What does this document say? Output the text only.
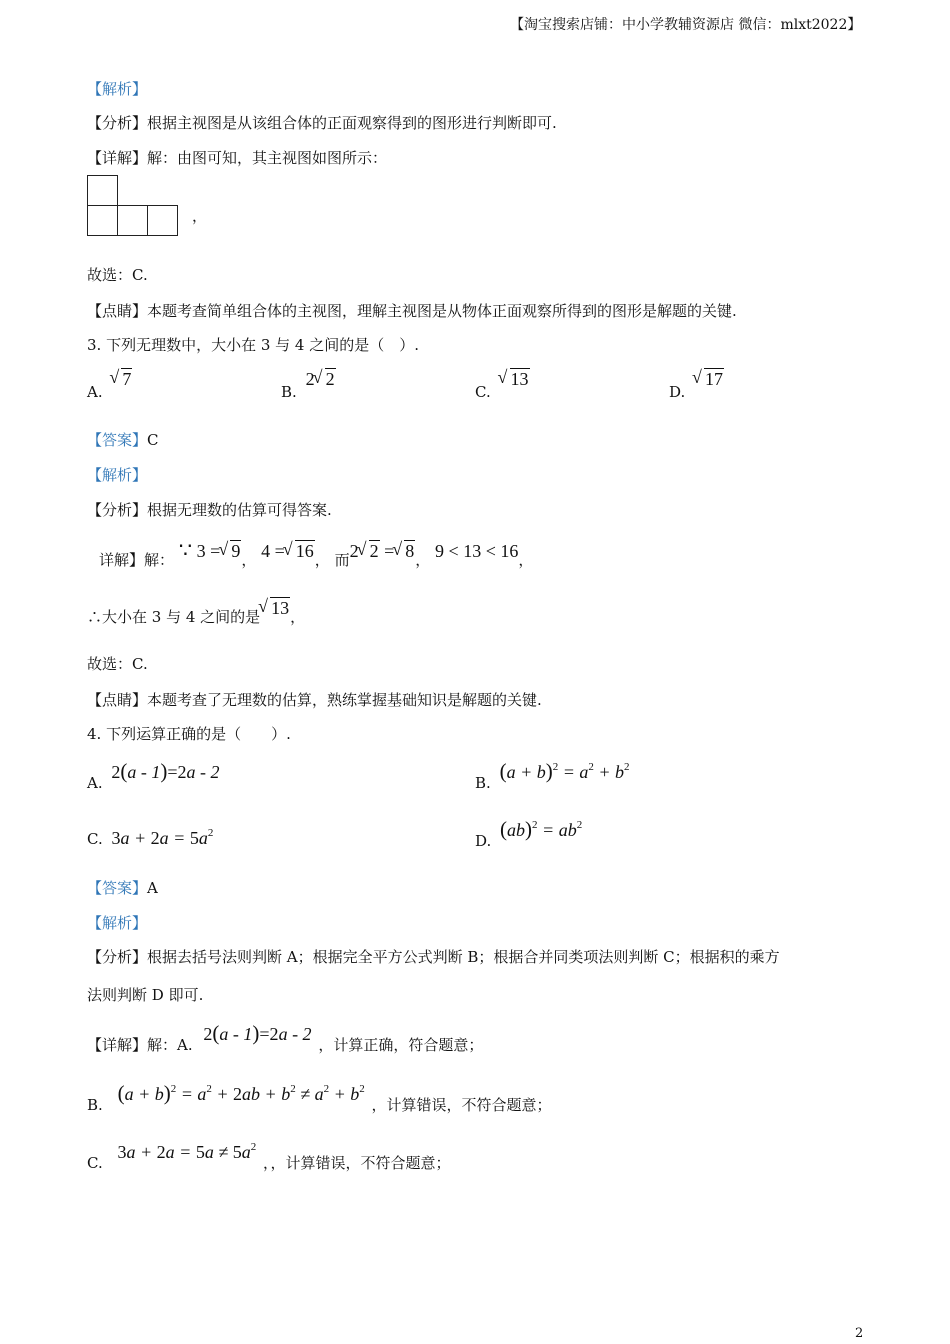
【淘宝搜索店铺：中小学教辅资源店 微信：mlxt2022】
【解析】
【分析】根据主视图是从该组合体的正面观察得到的图形进行判断即可.
【详解】解：由图可知，其主视图如图所示：
，
故选：C.
【点睛】本题考查简单组合体的主视图，理解主视图是从物体正面观察所得到的图形是解题的关键.
3. 下列无理数中，大小在 3 与 4 之间的是（　）.
A. √ 7
B. 2 √ 2
C. √ 13
D. √ 17
【答案】C
【解析】
【分析】根据无理数的估算可得答案.
详解】解： ∵ 3 = √ 9， 4 = √ 16， 而2 √ 2 = √ 8， 9 < 13 < 16，
∴大小在 3 与 4 之间的是 √ 13，
故选：C.
【点睛】本题考查了无理数的估算，熟练掌握基础知识是解题的关键.
4. 下列运算正确的是（　　）.
A. 2(a - 1)=2a - 2
B. $(a + b)^2 = a^2 + b^2$
C. $3a + 2a = 5a^2$	D. $(ab)^2 = ab^2$
【答案】A
【解析】
【分析】根据去括号法则判断 A；根据完全平方公式判断 B；根据合并同类项法则判断 C；根据积的乘方
法则判断 D 即可.
【详解】解：A. 2(a - 1)=2a - 2 ，计算正确，符合题意；
B. $(a + b)^2 = a^2 + 2ab + b^2 \ne a^2 + b^2$ ，计算错误，不符合题意；
C. $3a + 2a = 5a \ne 5a^2$ ，，计算错误，不符合题意；
2
